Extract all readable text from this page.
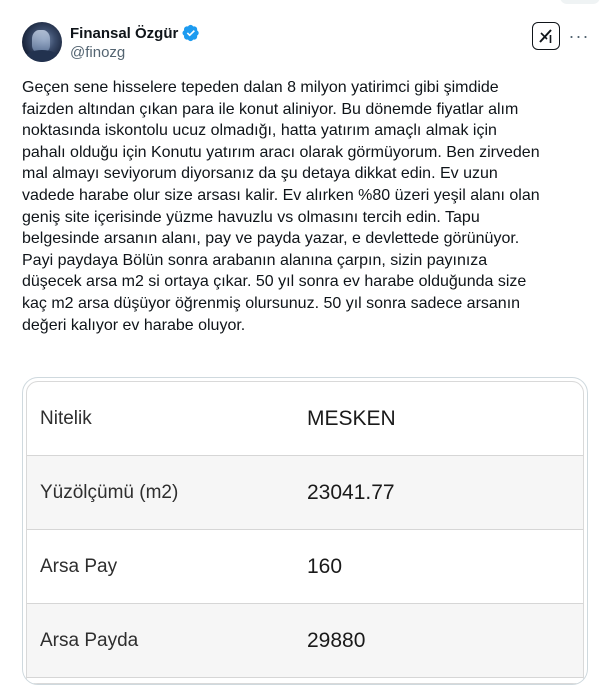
Finansal Özgür
@finozg
···
Geçen sene hisselere tepeden dalan 8 milyon yatirimci gibi şimdide
faizden altından çıkan para ile konut aliniyor. Bu dönemde fiyatlar alım
noktasında iskontolu ucuz olmadığı, hatta yatırım amaçlı almak için
pahalı olduğu için Konutu yatırım aracı olarak görmüyorum. Ben zirveden
mal almayı seviyorum diyorsanız da şu detaya dikkat edin. Ev uzun
vadede harabe olur size arsası kalir. Ev alırken %80 üzeri yeşil alanı olan
geniş site içerisinde yüzme havuzlu vs olmasını tercih edin. Tapu
belgesinde arsanın alanı, pay ve payda yazar, e devlettede görünüyor.
Payi paydaya Bölün sonra arabanın alanına çarpın, sizin payınıza
düşecek arsa m2 si ortaya çıkar. 50 yıl sonra ev harabe olduğunda size
kaç m2 arsa düşüyor öğrenmiş olursunuz. 50 yıl sonra sadece arsanın
değeri kalıyor ev harabe oluyor.
Nitelik	MESKEN
Yüzölçümü (m2)	23041.77
Arsa Pay	160
Arsa Payda	29880
